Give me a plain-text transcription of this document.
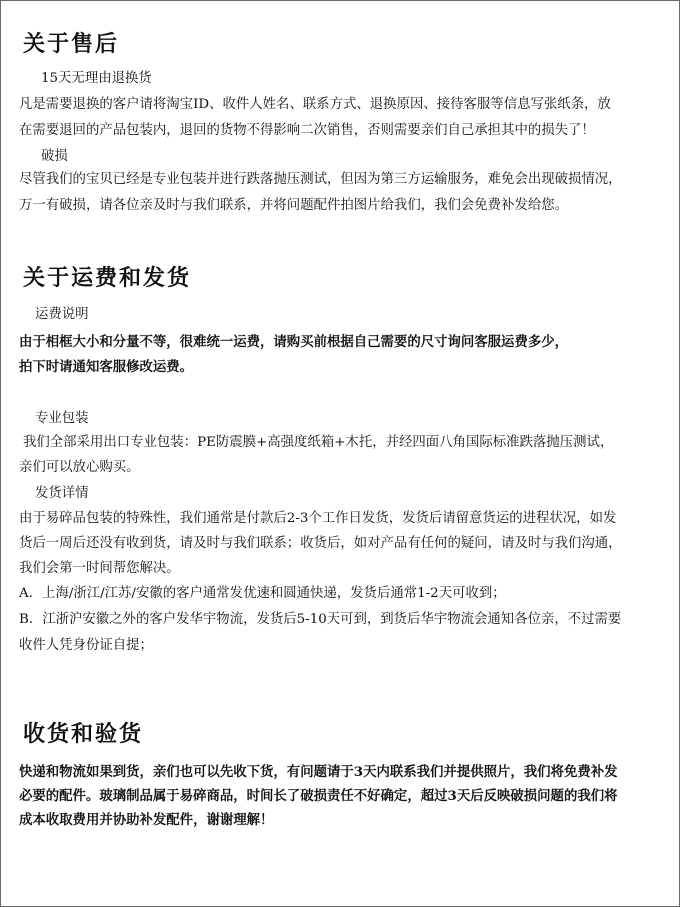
关于售后

15天无理由退换货

凡是需要退换的客户请将淘宝ID、收件人姓名、联系方式、退换原因、接待客服等信息写张纸条，放

在需要退回的产品包装内，退回的货物不得影响二次销售，否则需要亲们自己承担其中的损失了！

破损

尽管我们的宝贝已经是专业包装并进行跌落抛压测试，但因为第三方运输服务，难免会出现破损情况，

万一有破损，请各位亲及时与我们联系，并将问题配件拍图片给我们，我们会免费补发给您。

关于运费和发货

运费说明

由于相框大小和分量不等，很难统一运费，请购买前根据自己需要的尺寸询问客服运费多少，

拍下时请通知客服修改运费。

专业包装

我们全部采用出口专业包装：PE防震膜+高强度纸箱+木托，并经四面八角国际标准跌落抛压测试，

亲们可以放心购买。

发货详情

由于易碎品包装的特殊性，我们通常是付款后2-3个工作日发货，发货后请留意货运的进程状况，如发

货后一周后还没有收到货，请及时与我们联系；收货后，如对产品有任何的疑问，请及时与我们沟通，

我们会第一时间帮您解决。

A．上海/浙江/江苏/安徽的客户通常发优速和圆通快递，发货后通常1-2天可收到；

B．江浙沪安徽之外的客户发华宇物流，发货后5-10天可到，到货后华宇物流会通知各位亲，不过需要

收件人凭身份证自提；

收货和验货

快递和物流如果到货，亲们也可以先收下货，有问题请于3天内联系我们并提供照片，我们将免费补发

必要的配件。玻璃制品属于易碎商品，时间长了破损责任不好确定，超过3天后反映破损问题的我们将

成本收取费用并协助补发配件，谢谢理解！
